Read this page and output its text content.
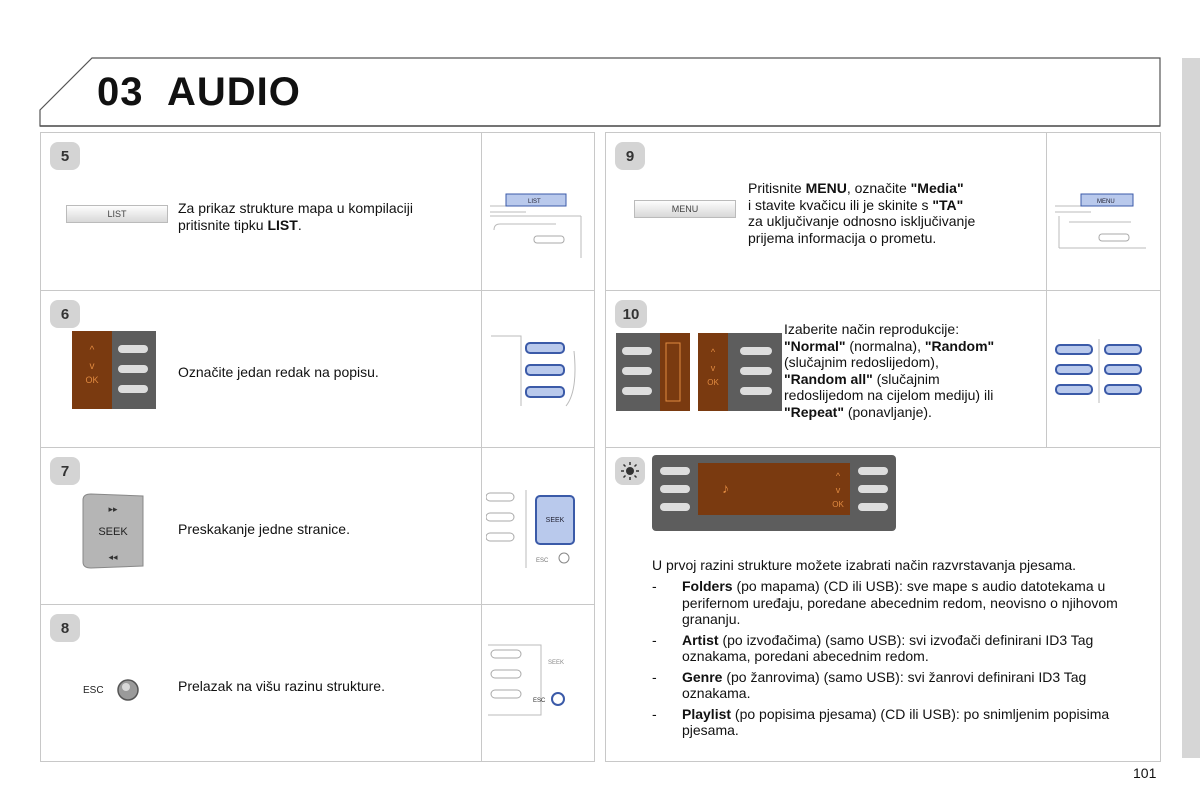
03 AUDIO
5
LIST	Za prikaz strukture mapa u kompilaciji pritisnite tipku LIST.
LIST
6
^
v
OK	Označite jedan redak na popisu.
7
▸▸
SEEK
◂◂
Preskakanje jedne stranice.
SEEK
ESC
8
ESC	Prelazak na višu razinu strukture.
SEEK
ESC
9
MENU
Pritisnite MENU, označite "Media"
i stavite kvačicu ili je skinite s "TA"
za uključivanje odnosno isključivanje
prijema informacija o prometu.
MENU
10
^
v
OK
Izaberite način reprodukcije:
"Normal" (normalna), "Random"
(slučajnim redoslijedom),
"Random all" (slučajnim
redoslijedom na cijelom mediju) ili
"Repeat" (ponavljanje).
♪
^
v
OK
U prvoj razini strukture možete izabrati način razvrstavanja pjesama.
-	Folders (po mapama) (CD ili USB): sve mape s audio datotekama u perifernom uređaju, poredane abecednim redom, neovisno o njihovom grananju.
-	Artist (po izvođačima) (samo USB): svi izvođači definirani ID3 Tag oznakama, poredani abecednim redom.
-	Genre (po žanrovima) (samo USB): svi žanrovi definirani ID3 Tag oznakama.
-	Playlist (po popisima pjesama) (CD ili USB): po snimljenim popisima pjesama.
101
